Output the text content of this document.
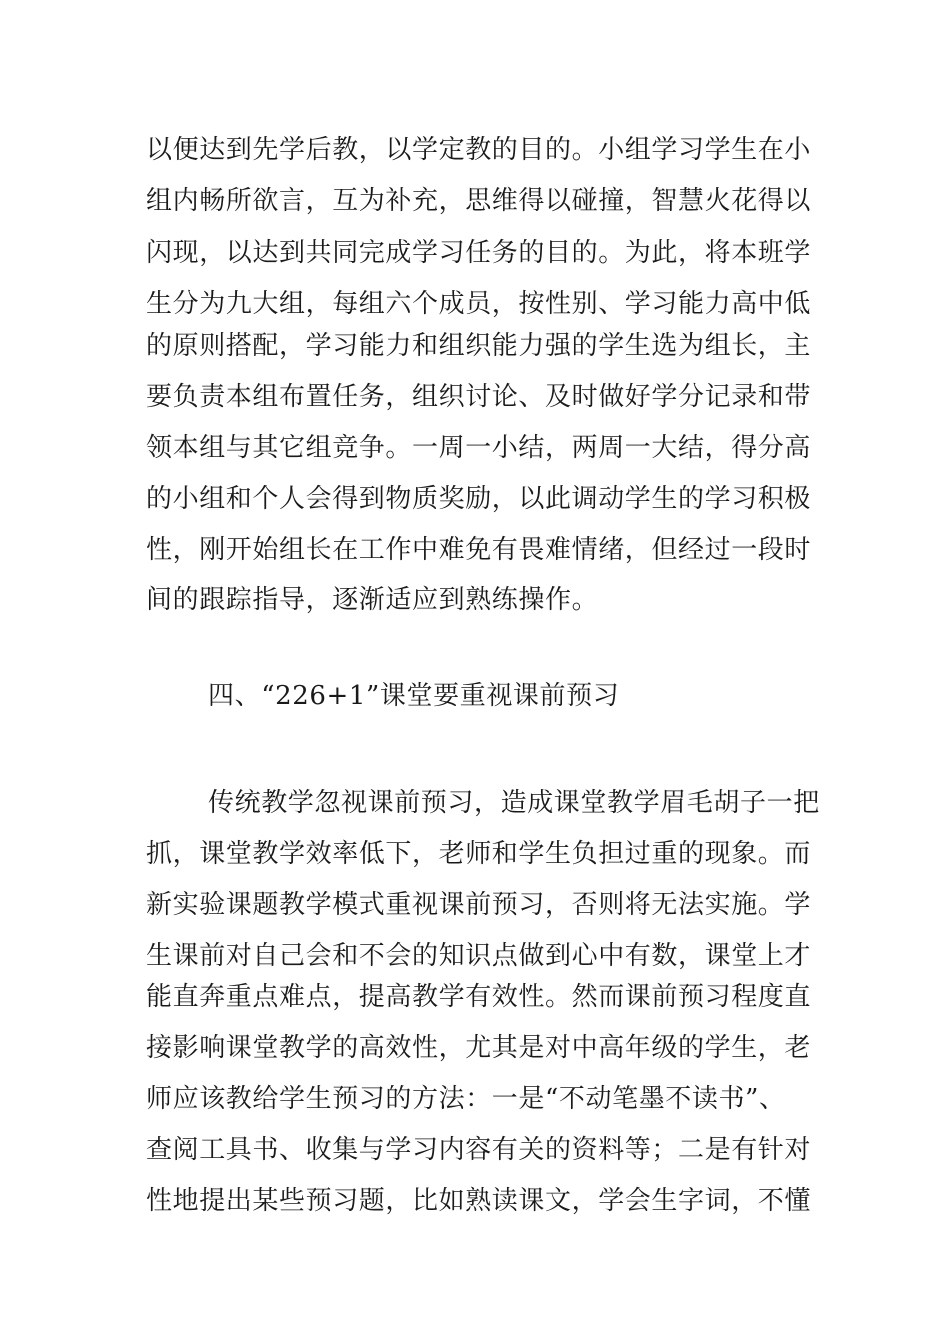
以便达到先学后教，以学定教的目的。小组学习学生在小
组内畅所欲言，互为补充，思维得以碰撞，智慧火花得以
闪现，以达到共同完成学习任务的目的。为此，将本班学
生分为九大组，每组六个成员，按性别、学习能力高中低
的原则搭配，学习能力和组织能力强的学生选为组长，主
要负责本组布置任务，组织讨论、及时做好学分记录和带
领本组与其它组竞争。一周一小结，两周一大结，得分高
的小组和个人会得到物质奖励，以此调动学生的学习积极
性，刚开始组长在工作中难免有畏难情绪，但经过一段时
间的跟踪指导，逐渐适应到熟练操作。
四、“226+1”课堂要重视课前预习
传统教学忽视课前预习，造成课堂教学眉毛胡子一把
抓，课堂教学效率低下，老师和学生负担过重的现象。而
新实验课题教学模式重视课前预习，否则将无法实施。学
生课前对自己会和不会的知识点做到心中有数，课堂上才
能直奔重点难点，提高教学有效性。然而课前预习程度直
接影响课堂教学的高效性，尤其是对中高年级的学生，老
师应该教给学生预习的方法：一是“不动笔墨不读书”、
查阅工具书、收集与学习内容有关的资料等；二是有针对
性地提出某些预习题，比如熟读课文，学会生字词，不懂
